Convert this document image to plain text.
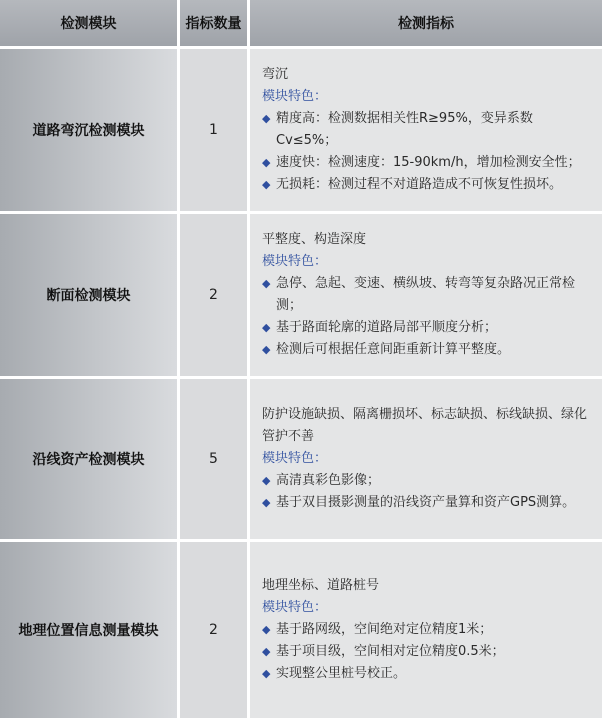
检测模块	指标数量	检测指标
道路弯沉检测模块	1
弯沉
模块特色：
◆ 精度高：检测数据相关性R≥95%，变异系数Cv≤5%；
◆ 速度快：检测速度：15-90km/h，增加检测安全性；
◆ 无损耗：检测过程不对道路造成不可恢复性损坏。
断面检测模块	2
平整度、构造深度
模块特色：
◆ 急停、急起、变速、横纵坡、转弯等复杂路况正常检测；
◆ 基于路面轮廓的道路局部平顺度分析；
◆ 检测后可根据任意间距重新计算平整度。
沿线资产检测模块	5
防护设施缺损、隔离栅损坏、标志缺损、标线缺损、绿化管护不善
模块特色：
◆ 高清真彩色影像；
◆ 基于双目摄影测量的沿线资产量算和资产GPS测算。
地理位置信息测量模块	2
地理坐标、道路桩号
模块特色：
◆ 基于路网级，空间绝对定位精度1米；
◆ 基于项目级，空间相对定位精度0.5米；
◆ 实现整公里桩号校正。
